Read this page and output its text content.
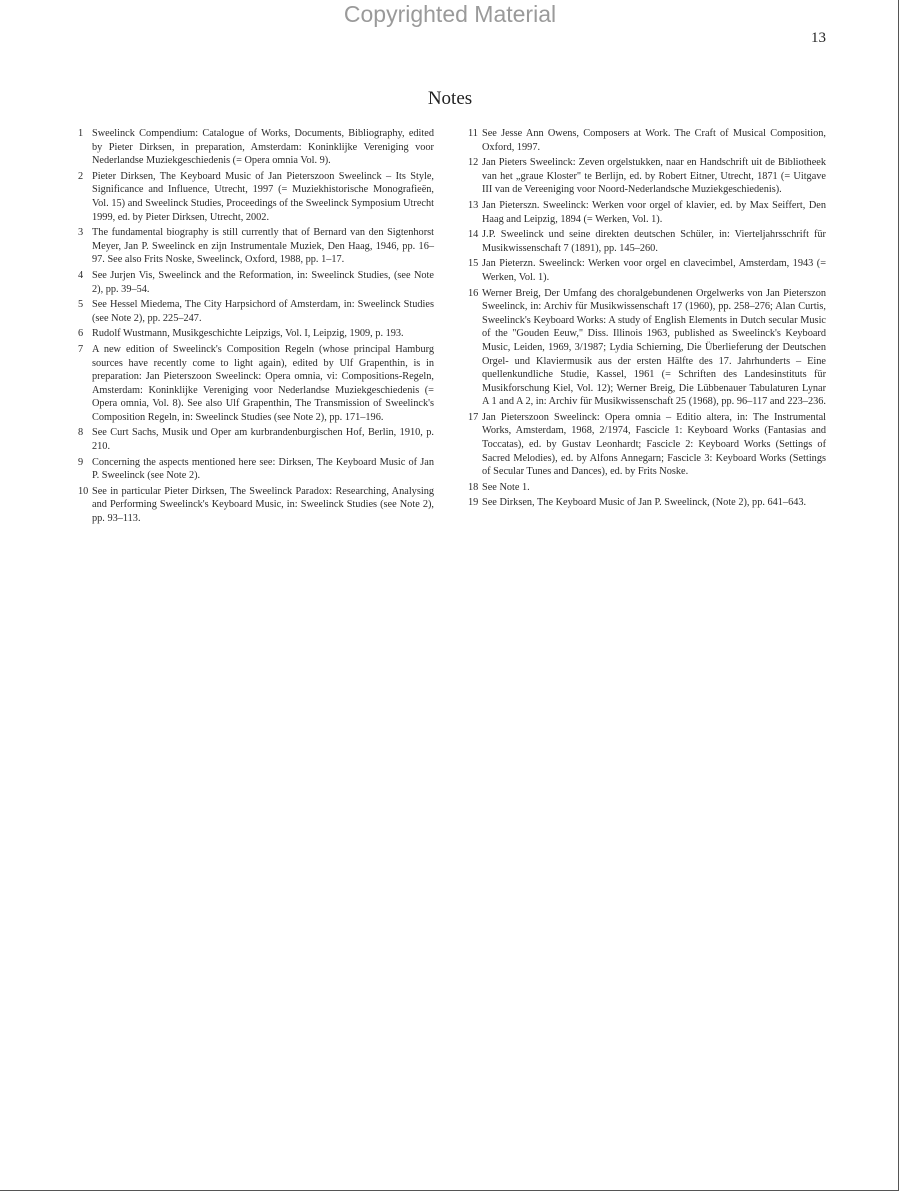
Copyrighted Material
13
Notes
1 Sweelinck Compendium: Catalogue of Works, Documents, Bibliography, edited by Pieter Dirksen, in preparation, Amsterdam: Koninklijke Vereniging voor Nederlandse Muziekgeschiedenis (= Opera omnia Vol. 9).
2 Pieter Dirksen, The Keyboard Music of Jan Pieterszoon Sweelinck – Its Style, Significance and Influence, Utrecht, 1997 (= Muziekhistorische Monografieën, Vol. 15) and Sweelinck Studies, Proceedings of the Sweelinck Symposium Utrecht 1999, ed. by Pieter Dirksen, Utrecht, 2002.
3 The fundamental biography is still currently that of Bernard van den Sigtenhorst Meyer, Jan P. Sweelinck en zijn Instrumentale Muziek, Den Haag, 1946, pp. 16–97. See also Frits Noske, Sweelinck, Oxford, 1988, pp. 1–17.
4 See Jurjen Vis, Sweelinck and the Reformation, in: Sweelinck Studies, (see Note 2), pp. 39–54.
5 See Hessel Miedema, The City Harpsichord of Amsterdam, in: Sweelinck Studies (see Note 2), pp. 225–247.
6 Rudolf Wustmann, Musikgeschichte Leipzigs, Vol. I, Leipzig, 1909, p. 193.
7 A new edition of Sweelinck's Composition Regeln (whose principal Hamburg sources have recently come to light again), edited by Ulf Grapenthin, is in preparation: Jan Pieterszoon Sweelinck: Opera omnia, vi: Compositions-Regeln, Amsterdam: Koninklijke Vereniging voor Nederlandse Muziekgeschiedenis (= Opera omnia, Vol. 8). See also Ulf Grapenthin, The Transmission of Sweelinck's Composition Regeln, in: Sweelinck Studies (see Note 2), pp. 171–196.
8 See Curt Sachs, Musik und Oper am kurbrandenburgischen Hof, Berlin, 1910, p. 210.
9 Concerning the aspects mentioned here see: Dirksen, The Keyboard Music of Jan P. Sweelinck (see Note 2).
10 See in particular Pieter Dirksen, The Sweelinck Paradox: Researching, Analysing and Performing Sweelinck's Keyboard Music, in: Sweelinck Studies (see Note 2), pp. 93–113.
11 See Jesse Ann Owens, Composers at Work. The Craft of Musical Composition, Oxford, 1997.
12 Jan Pieters Sweelinck: Zeven orgelstukken, naar en Handschrift uit de Bibliotheek van het „graue Kloster" te Berlijn, ed. by Robert Eitner, Utrecht, 1871 (= Uitgave III van de Vereeniging voor Noord-Nederlandsche Muziekgeschiedenis).
13 Jan Pieterszn. Sweelinck: Werken voor orgel of klavier, ed. by Max Seiffert, Den Haag and Leipzig, 1894 (= Werken, Vol. 1).
14 J.P. Sweelinck und seine direkten deutschen Schüler, in: Vierteljahrsschrift für Musikwissenschaft 7 (1891), pp. 145–260.
15 Jan Pieterzn. Sweelinck: Werken voor orgel en clavecimbel, Amsterdam, 1943 (= Werken, Vol. 1).
16 Werner Breig, Der Umfang des choralgebundenen Orgelwerks von Jan Pieterszon Sweelinck, in: Archiv für Musikwissenschaft 17 (1960), pp. 258–276; Alan Curtis, Sweelinck's Keyboard Works: A study of English Elements in Dutch secular Music of the "Gouden Eeuw," Diss. Illinois 1963, published as Sweelinck's Keyboard Music, Leiden, 1969, 3/1987; Lydia Schierning, Die Überlieferung der Deutschen Orgel- und Klaviermusik aus der ersten Hälfte des 17. Jahrhunderts – Eine quellenkundliche Studie, Kassel, 1961 (= Schriften des Landesinstituts für Musikforschung Kiel, Vol. 12); Werner Breig, Die Lübbenauer Tabulaturen Lynar A 1 and A 2, in: Archiv für Musikwissenschaft 25 (1968), pp. 96–117 and 223–236.
17 Jan Pieterszoon Sweelinck: Opera omnia – Editio altera, in: The Instrumental Works, Amsterdam, 1968, 2/1974, Fascicle 1: Keyboard Works (Fantasias and Toccatas), ed. by Gustav Leonhardt; Fascicle 2: Keyboard Works (Settings of Sacred Melodies), ed. by Alfons Annegarn; Fascicle 3: Keyboard Works (Settings of Secular Tunes and Dances), ed. by Frits Noske.
18 See Note 1.
19 See Dirksen, The Keyboard Music of Jan P. Sweelinck, (Note 2), pp. 641–643.
